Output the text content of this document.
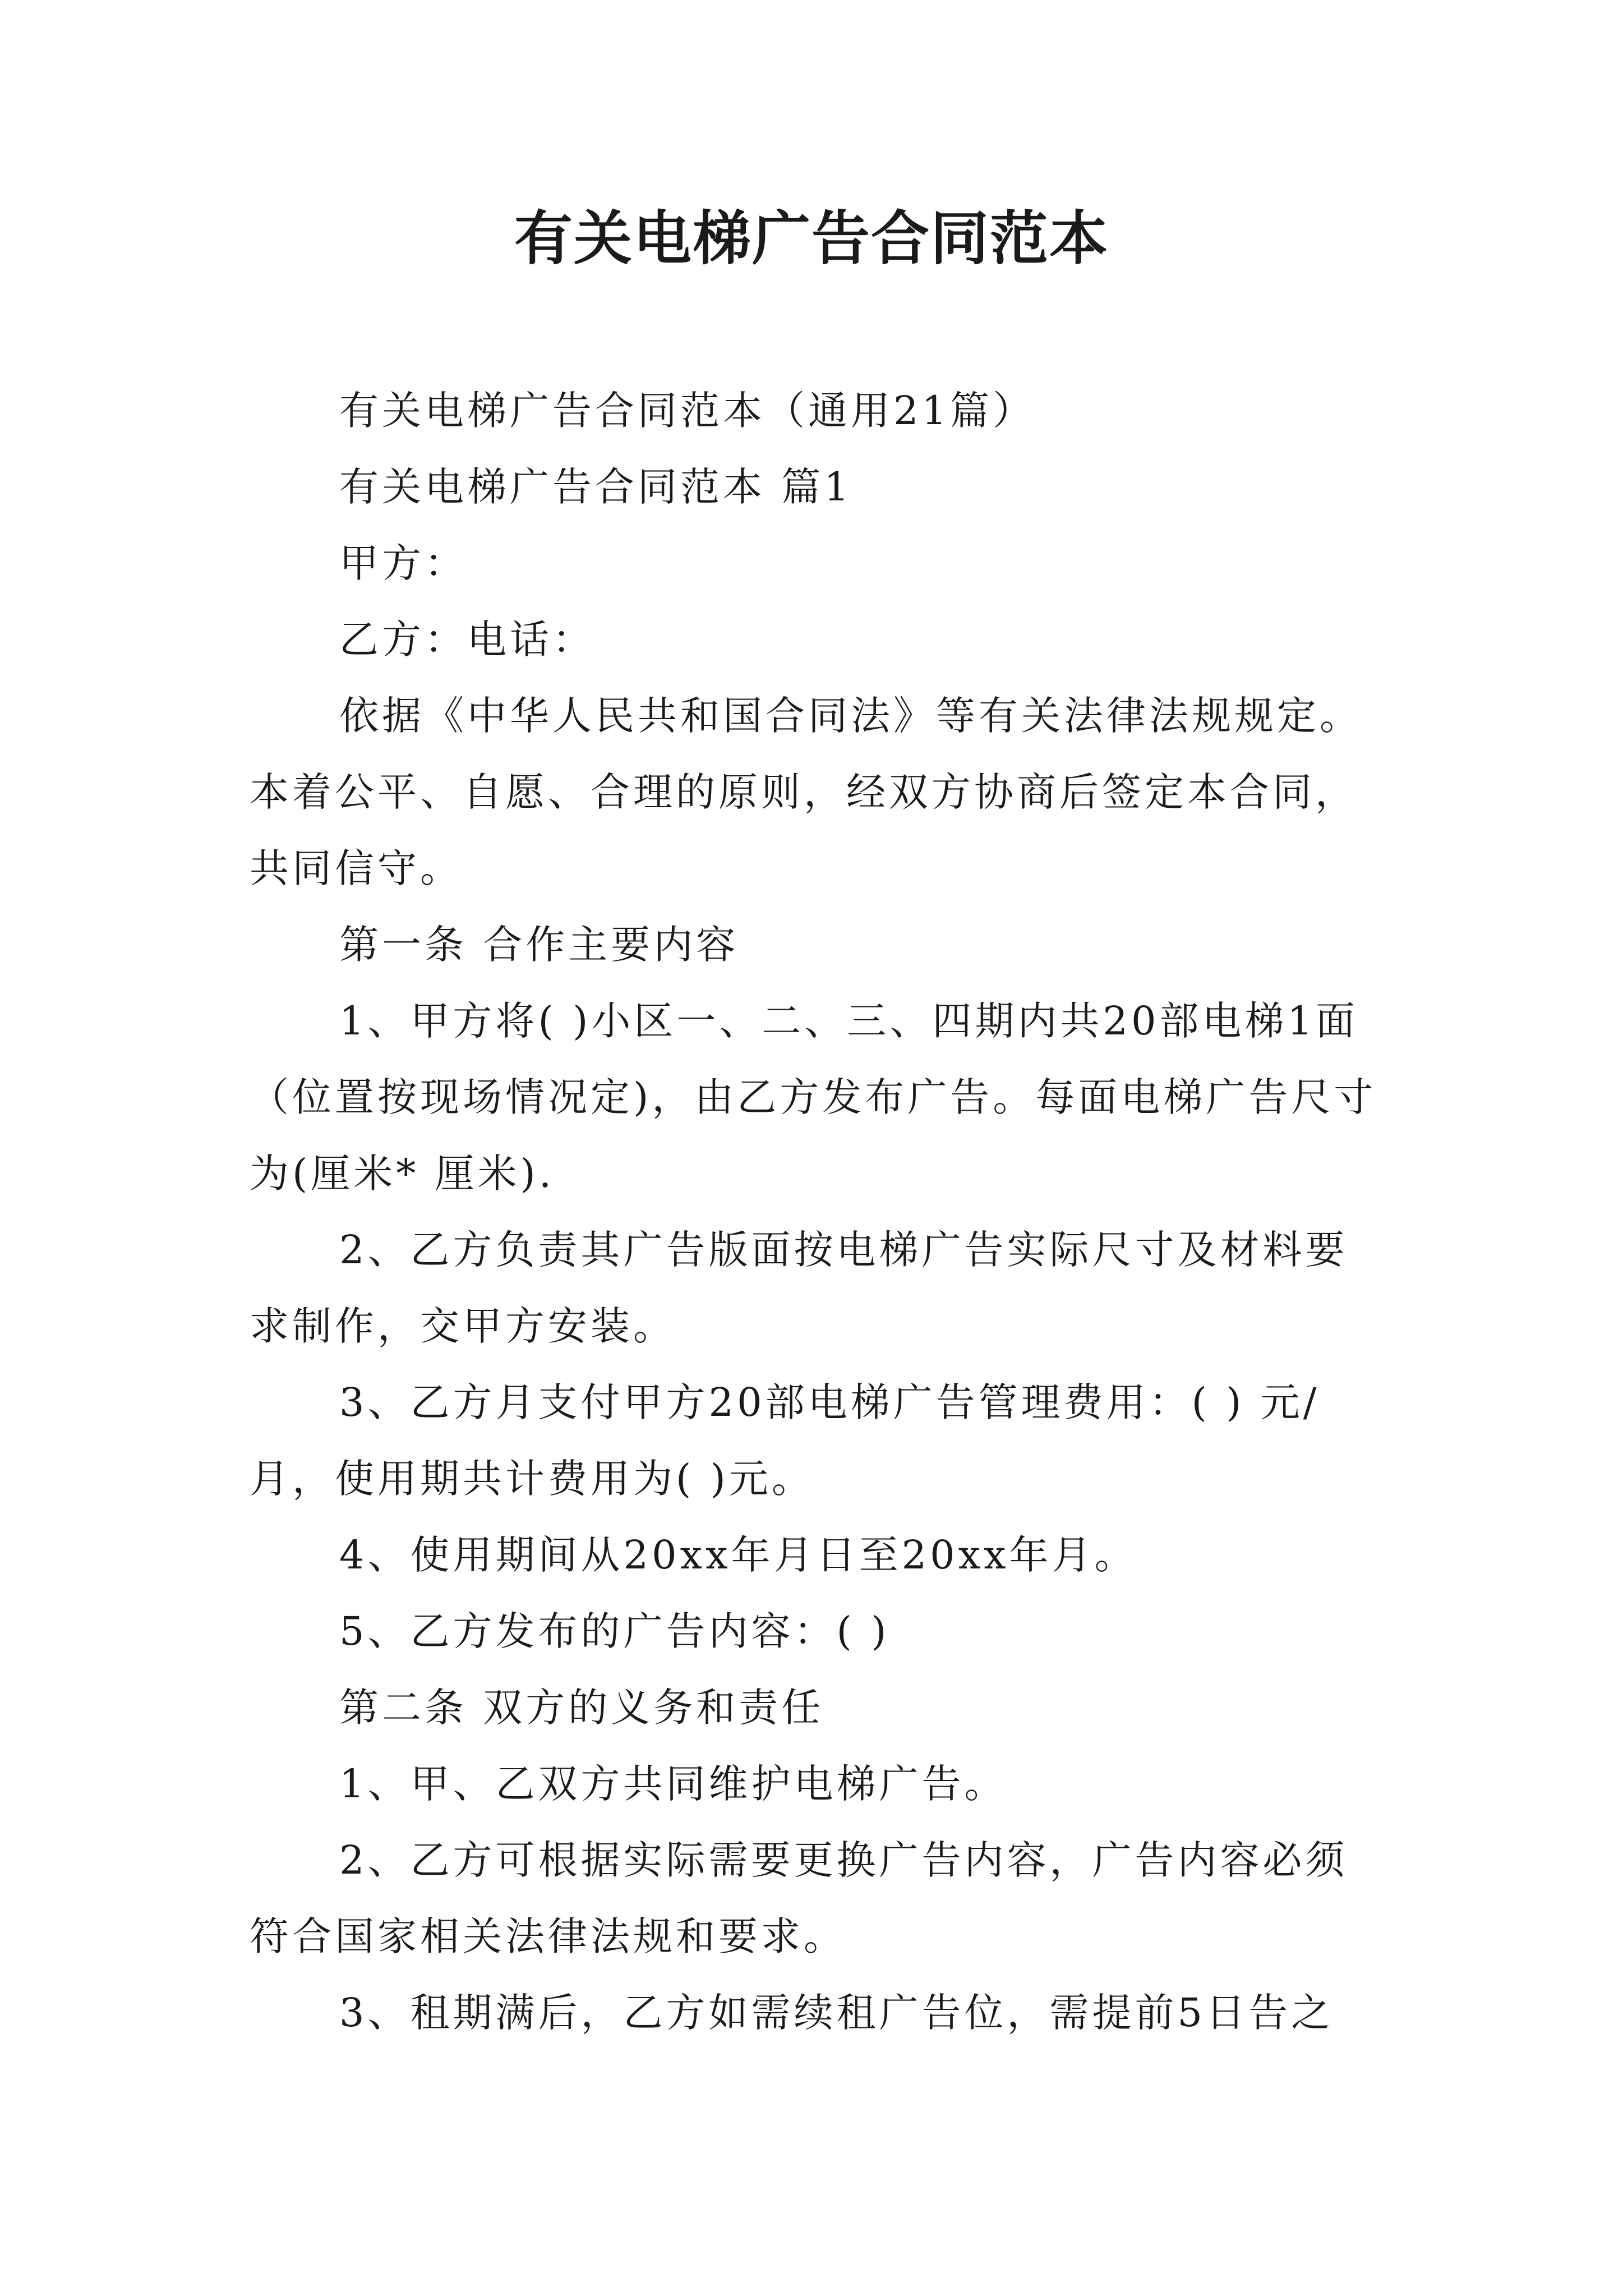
有关电梯广告合同范本

有关电梯广告合同范本（通用21篇）

有关电梯广告合同范本 篇1

甲方：

乙方：电话：

依据《中华人民共和国合同法》等有关法律法规规定。本着公平、自愿、合理的原则，经双方协商后签定本合同，共同信守。

第一条 合作主要内容

1、甲方将( )小区一、二、三、四期内共20部电梯1面（位置按现场情况定)，由乙方发布广告。每面电梯广告尺寸为(厘米* 厘米).

2、乙方负责其广告版面按电梯广告实际尺寸及材料要求制作，交甲方安装。

3、乙方月支付甲方20部电梯广告管理费用：( ) 元/月，使用期共计费用为( )元。

4、使用期间从20xx年月日至20xx年月。

5、乙方发布的广告内容：( )

第二条 双方的义务和责任

1、甲、乙双方共同维护电梯广告。

2、乙方可根据实际需要更换广告内容，广告内容必须符合国家相关法律法规和要求。

3、租期满后，乙方如需续租广告位，需提前5日告之
